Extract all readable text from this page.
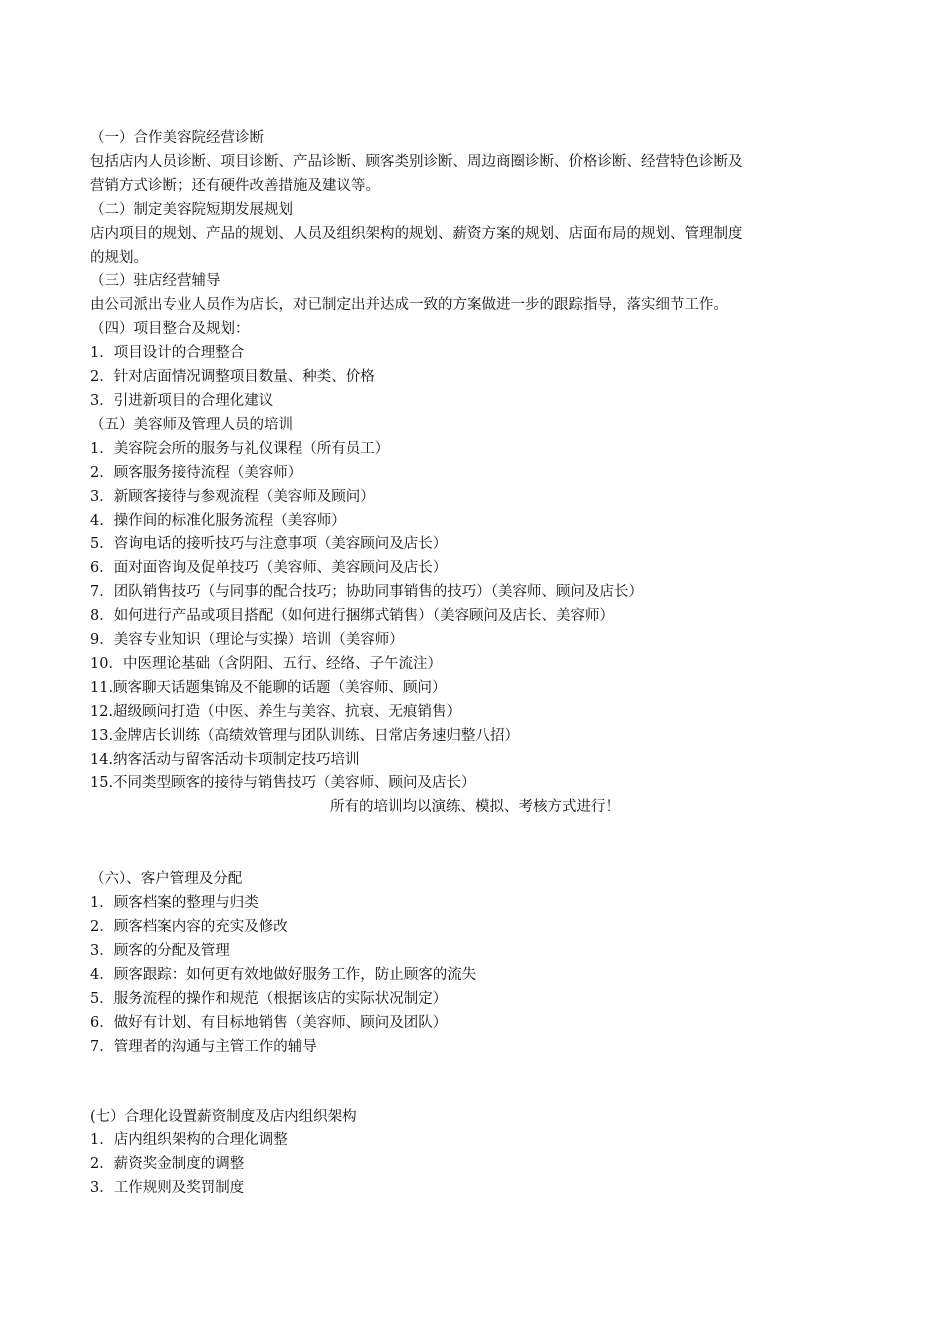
（一）合作美容院经营诊断
包括店内人员诊断、项目诊断、产品诊断、顾客类别诊断、周边商圈诊断、价格诊断、经营特色诊断及
营销方式诊断；还有硬件改善措施及建议等。
（二）制定美容院短期发展规划
店内项目的规划、产品的规划、人员及组织架构的规划、薪资方案的规划、店面布局的规划、管理制度
的规划。
（三）驻店经营辅导
由公司派出专业人员作为店长，对已制定出并达成一致的方案做进一步的跟踪指导，落实细节工作。
（四）项目整合及规划：
1．项目设计的合理整合
2．针对店面情况调整项目数量、种类、价格
3．引进新项目的合理化建议
（五）美容师及管理人员的培训
1．美容院会所的服务与礼仪课程（所有员工）
2．顾客服务接待流程（美容师）
3．新顾客接待与参观流程（美容师及顾问）
4．操作间的标准化服务流程（美容师）
5．咨询电话的接听技巧与注意事项（美容顾问及店长）
6．面对面咨询及促单技巧（美容师、美容顾问及店长）
7．团队销售技巧（与同事的配合技巧；协助同事销售的技巧）（美容师、顾问及店长）
8．如何进行产品或项目搭配（如何进行捆绑式销售）（美容顾问及店长、美容师）
9．美容专业知识（理论与实操）培训（美容师）
10．中医理论基础（含阴阳、五行、经络、子午流注）
11.顾客聊天话题集锦及不能聊的话题（美容师、顾问）
12.超级顾问打造（中医、养生与美容、抗衰、无痕销售）
13.金牌店长训练（高绩效管理与团队训练、日常店务速归整八招）
14.纳客活动与留客活动卡项制定技巧培训
15.不同类型顾客的接待与销售技巧（美容师、顾问及店长）
所有的培训均以演练、模拟、考核方式进行！
（六）、客户管理及分配
1．顾客档案的整理与归类
2．顾客档案内容的充实及修改
3．顾客的分配及管理
4．顾客跟踪：如何更有效地做好服务工作，防止顾客的流失
5．服务流程的操作和规范（根据该店的实际状况制定）
6．做好有计划、有目标地销售（美容师、顾问及团队）
7．管理者的沟通与主管工作的辅导
(七）合理化设置薪资制度及店内组织架构
1．店内组织架构的合理化调整
2．薪资奖金制度的调整
3．工作规则及奖罚制度
